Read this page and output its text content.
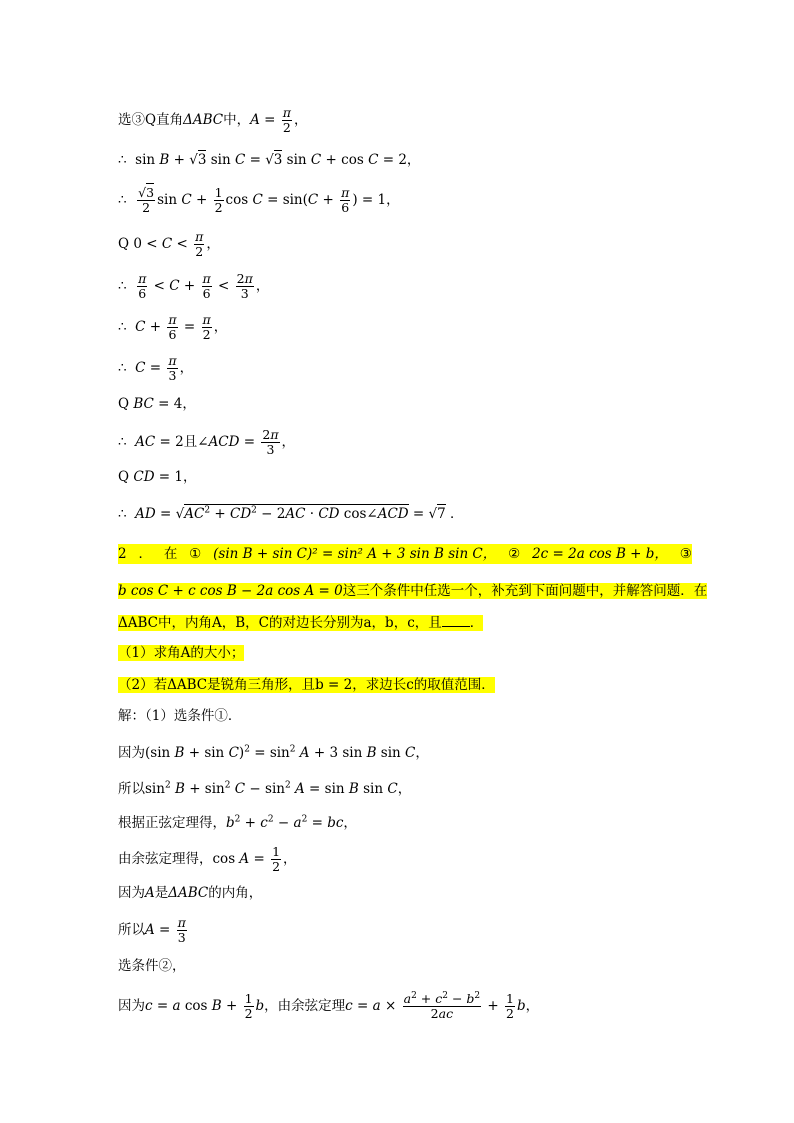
选③Q直角ΔABC中，$A = \frac{\pi}{2}$ ，
∴  sin B + √3 sin C = √3 sin C + cos C = 2，
∴ $\frac{√3}{2}$ $\sin C + \frac{1}{2}$ $\cos C = \sin(C + \frac{\pi}{6}$ ) = 1，
Q $0 < C < \frac{\pi}{2}$ ，
∴ $\frac{\pi}{6} < C + \frac{\pi}{6} < \frac{2\pi}{3}$ ，
∴  $C + \frac{\pi}{6} = \frac{\pi}{2}$ ，
∴  $C = \frac{\pi}{3}$ ，
Q BC = 4，
∴  AC = 2且∠ACD = $\frac{2\pi}{3}$ ，
Q CD = 1，
∴  AD = $√AC^2 + CD^2 - 2AC$ · CD cos∠ACD = √7 ．
2 ． 在 ① (sin B + sin C)² = sin² A + 3 sin B sin C， ② 2c = 2a cos B + b， ③
b cos C + c cos B − 2a cos A = 0这三个条件中任选一个，补充到下面问题中，并解答问题．在
ΔABC中，内角A，B，C的对边长分别为a，b，c，且 ．
（1）求角A的大小；
（2）若ΔABC是锐角三角形，且b = 2，求边长c的取值范围．
解：（1）选条件①．
因为(sin $B + \sin C)^2 = \sin^2 A + 3$ sin B sin C，
所以$\sin^2 B + \sin^2 C - \sin^2 A = \sin B$ sin C，
根据正弦定理得，$b^2 + c^2 - a^2$ = bc，
由余弦定理得，$\cos A = \frac{1}{2}$ ，
因为A是ΔABC的内角，
所以$A = \frac{\pi}{3}$
选条件②，
因为c = a $\cos B + \frac{1}{2}$ b，由余弦定理$c = a \times \frac{a^2 + c^2 - b^2}{2ac} + \frac{1}{2}$ b，
